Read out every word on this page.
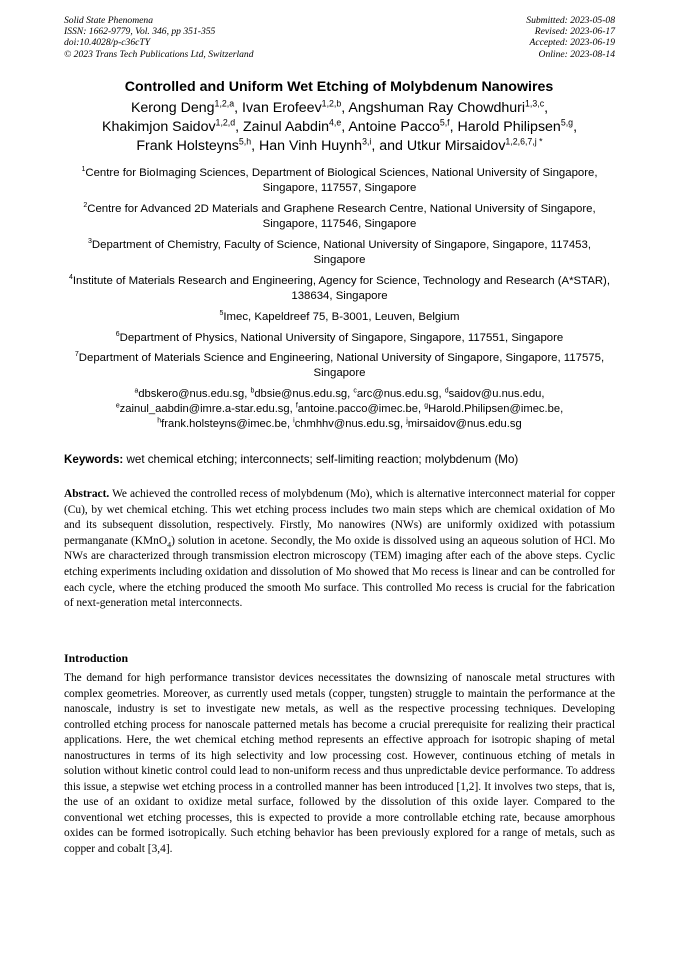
Solid State Phenomena
ISSN: 1662-9779, Vol. 346, pp 351-355
doi:10.4028/p-c36cTY
© 2023 Trans Tech Publications Ltd, Switzerland
Submitted: 2023-05-08
Revised: 2023-06-17
Accepted: 2023-06-19
Online: 2023-08-14
Controlled and Uniform Wet Etching of Molybdenum Nanowires
Kerong Deng$^{1,2,a}$, Ivan Erofeev$^{1,2,b}$, Angshuman Ray Chowdhuri$^{1,3,c}$,
Khakimjon Saidov$^{1,2,d}$, Zainul Aabdin$^{4,e}$, Antoine Pacco$^{5,f}$, Harold Philipsen$^{5,g}$,
Frank Holsteyns$^{5,h}$, Han Vinh Huynh$^{3,i}$, and Utkur Mirsaidov$^{1,2,6,7,j *}$
$^1$Centre for BioImaging Sciences, Department of Biological Sciences, National University of Singapore, Singapore, 117557, Singapore
$^2$Centre for Advanced 2D Materials and Graphene Research Centre, National University of Singapore, Singapore, 117546, Singapore
$^3$Department of Chemistry, Faculty of Science, National University of Singapore, Singapore, 117453, Singapore
$^4$Institute of Materials Research and Engineering, Agency for Science, Technology and Research (A*STAR), 138634, Singapore
$^5$Imec, Kapeldreef 75, B-3001, Leuven, Belgium
$^6$Department of Physics, National University of Singapore, Singapore, 117551, Singapore
$^7$Department of Materials Science and Engineering, National University of Singapore, Singapore, 117575, Singapore
$^a$dbskero@nus.edu.sg, $^b$dbsie@nus.edu.sg, $^c$arc@nus.edu.sg, $^d$saidov@u.nus.edu,
$^e$zainul_aabdin@imre.a-star.edu.sg, $^f$antoine.pacco@imec.be, $^g$Harold.Philipsen@imec.be,
$^h$frank.holsteyns@imec.be, $^i$chmhhv@nus.edu.sg, $^j$mirsaidov@nus.edu.sg
Keywords: wet chemical etching; interconnects; self-limiting reaction; molybdenum (Mo)
Abstract. We achieved the controlled recess of molybdenum (Mo), which is alternative interconnect material for copper (Cu), by wet chemical etching. This wet etching process includes two main steps which are chemical oxidation of Mo and its subsequent dissolution, respectively. Firstly, Mo nanowires (NWs) are uniformly oxidized with potassium permanganate (KMnO$_4$) solution in acetone. Secondly, the Mo oxide is dissolved using an aqueous solution of HCl. Mo NWs are characterized through transmission electron microscopy (TEM) imaging after each of the above steps. Cyclic etching experiments including oxidation and dissolution of Mo showed that Mo recess is linear and can be controlled for each cycle, where the etching produced the smooth Mo surface. This controlled Mo recess is crucial for the fabrication of next-generation metal interconnects.
Introduction
The demand for high performance transistor devices necessitates the downsizing of nanoscale metal structures with complex geometries. Moreover, as currently used metals (copper, tungsten) struggle to maintain the performance at the nanoscale, industry is set to investigate new metals, as well as the respective processing techniques. Developing controlled etching process for nanoscale patterned metals has become a crucial prerequisite for realizing their practical applications. Here, the wet chemical etching method represents an effective approach for isotropic shaping of metal nanostructures in terms of its high selectivity and low processing cost. However, continuous etching of metals in solution without kinetic control could lead to non-uniform recess and thus unpredictable device performance. To address this issue, a stepwise wet etching process in a controlled manner has been introduced [1,2]. It involves two steps, that is, the use of an oxidant to oxidize metal surface, followed by the dissolution of this oxide layer. Compared to the conventional wet etching processes, this is expected to provide a more controllable etching rate, because amorphous oxides can be formed isotropically. Such etching behavior has been previously explored for a range of metals, such as copper and cobalt [3,4].
